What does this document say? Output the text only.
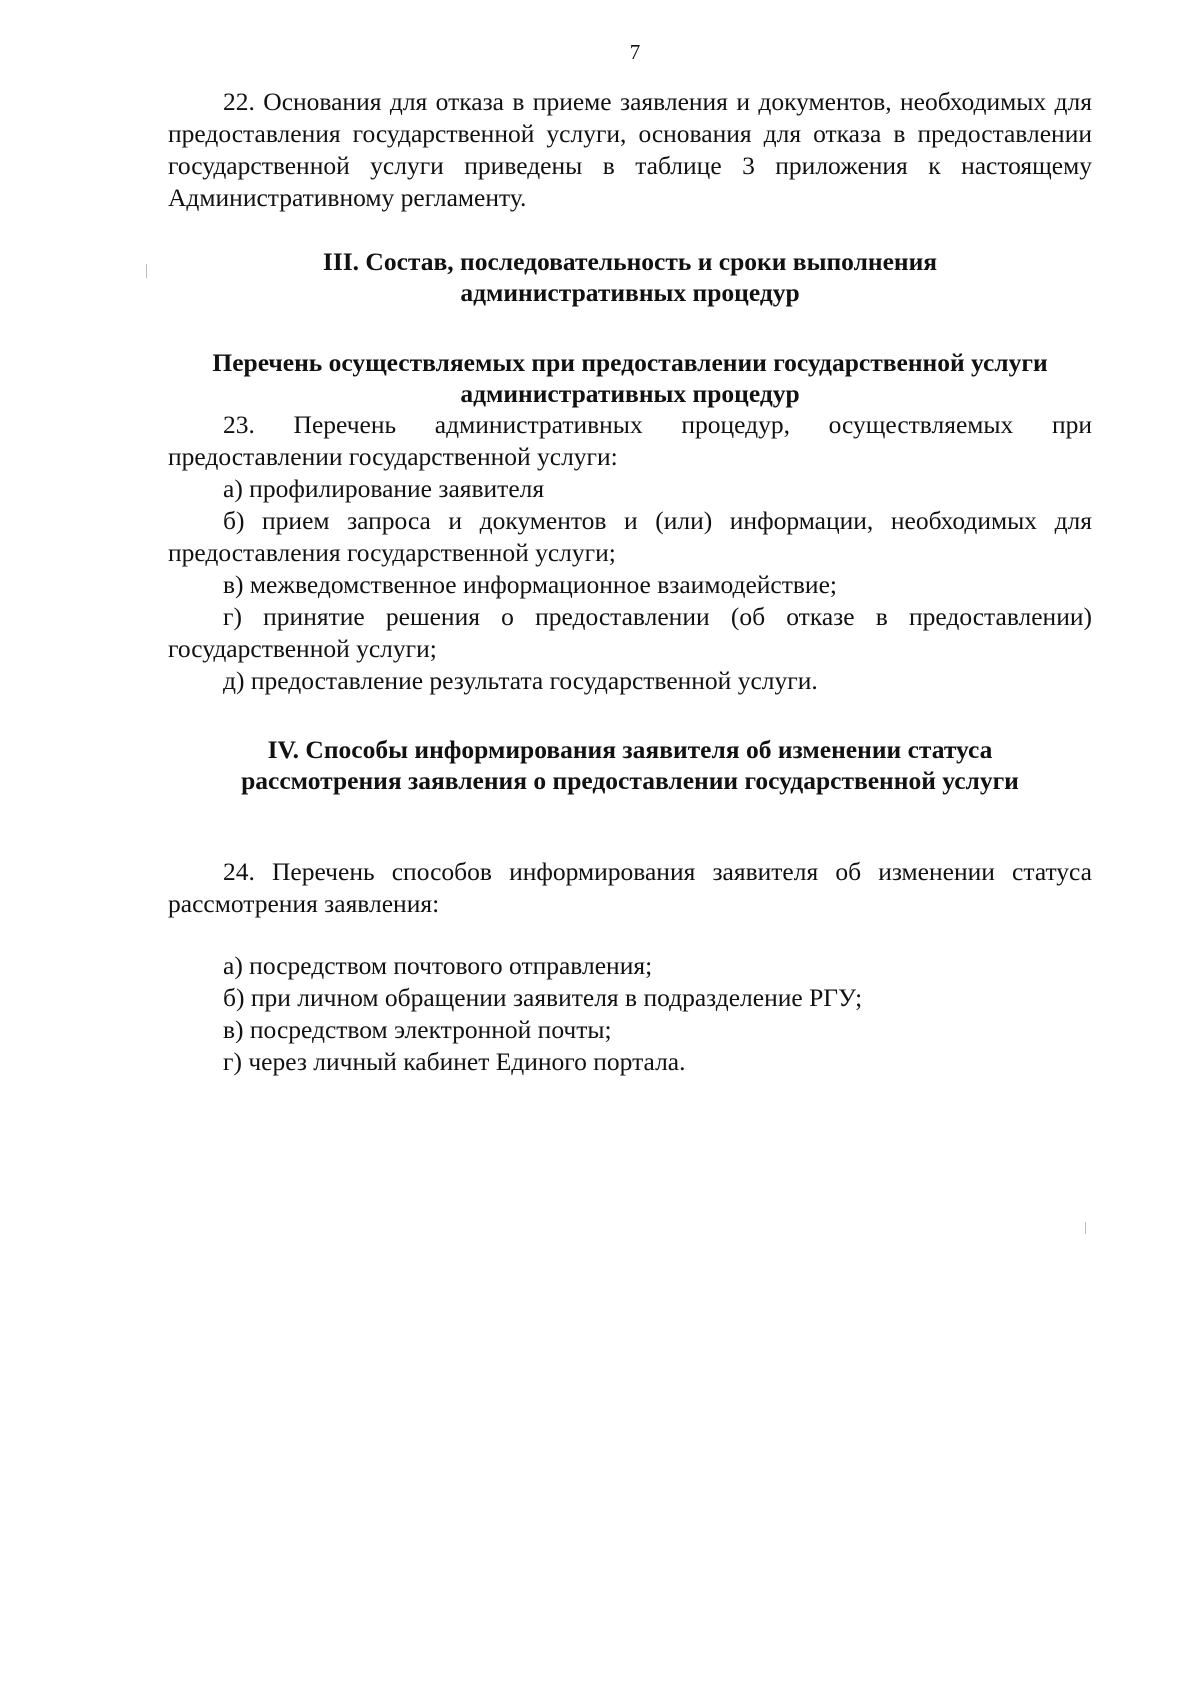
7

22. Основания для отказа в приеме заявления и документов, необходимых для предоставления государственной услуги, основания для отказа в предоставлении государственной услуги приведены в таблице 3 приложения к настоящему Административному регламенту.

III. Состав, последовательность и сроки выполнения

административных процедур

Перечень осуществляемых при предоставлении государственной услуги

административных процедур

23. Перечень административных процедур, осуществляемых при предоставлении государственной услуги:

а) профилирование заявителя

б) прием запроса и документов и (или) информации, необходимых для предоставления государственной услуги;

в) межведомственное информационное взаимодействие;

г) принятие решения о предоставлении (об отказе в предоставлении) государственной услуги;

д) предоставление результата государственной услуги.

IV. Способы информирования заявителя об изменении статуса

рассмотрения заявления о предоставлении государственной услуги

24. Перечень способов информирования заявителя об изменении статуса рассмотрения заявления:

а) посредством почтового отправления;

б) при личном обращении заявителя в подразделение РГУ;

в) посредством электронной почты;

г) через личный кабинет Единого портала.
